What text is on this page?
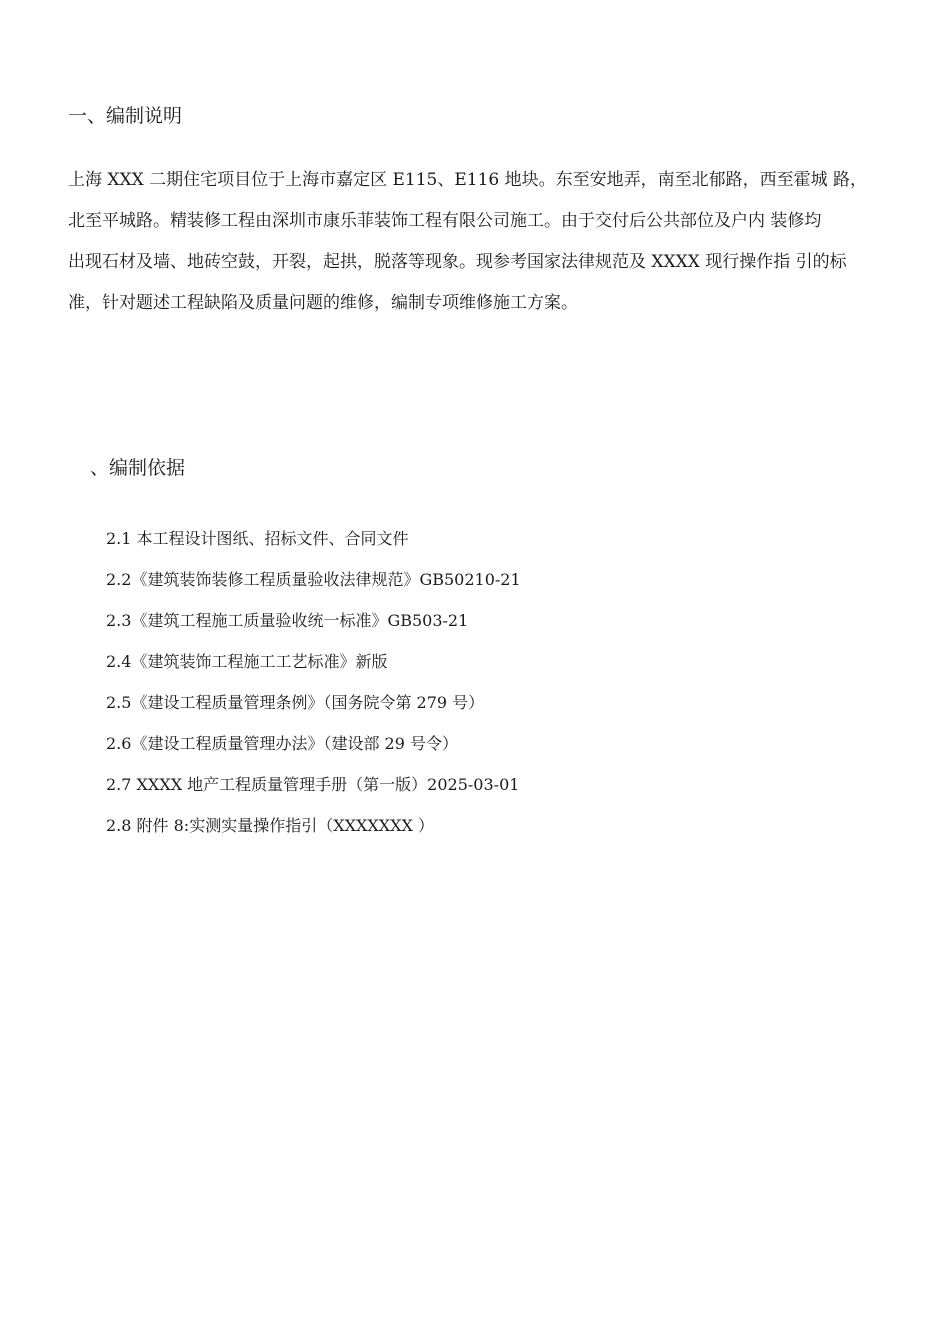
一、编制说明

上海 XXX 二期住宅项目位于上海市嘉定区 E115、E116 地块。东至安地弄，南至北郁路，西至霍城 路，

北至平城路。精装修工程由深圳市康乐菲装饰工程有限公司施工。由于交付后公共部位及户内 装修均

出现石材及墙、地砖空鼓，开裂，起拱，脱落等现象。现参考国家法律规范及 XXXX 现行操作指 引的标

准，针对题述工程缺陷及质量问题的维修，编制专项维修施工方案。

、编制依据
2.1 本工程设计图纸、招标文件、合同文件
2.2《建筑装饰装修工程质量验收法律规范》GB50210-21
2.3《建筑工程施工质量验收统一标准》GB503-21
2.4《建筑装饰工程施工工艺标准》新版
2.5《建设工程质量管理条例》（国务院令第 279 号）
2.6《建设工程质量管理办法》（建设部 29 号令）
2.7 XXXX 地产工程质量管理手册（第一版）2025-03-01
2.8 附件 8:实测实量操作指引（XXXXXXX ）
